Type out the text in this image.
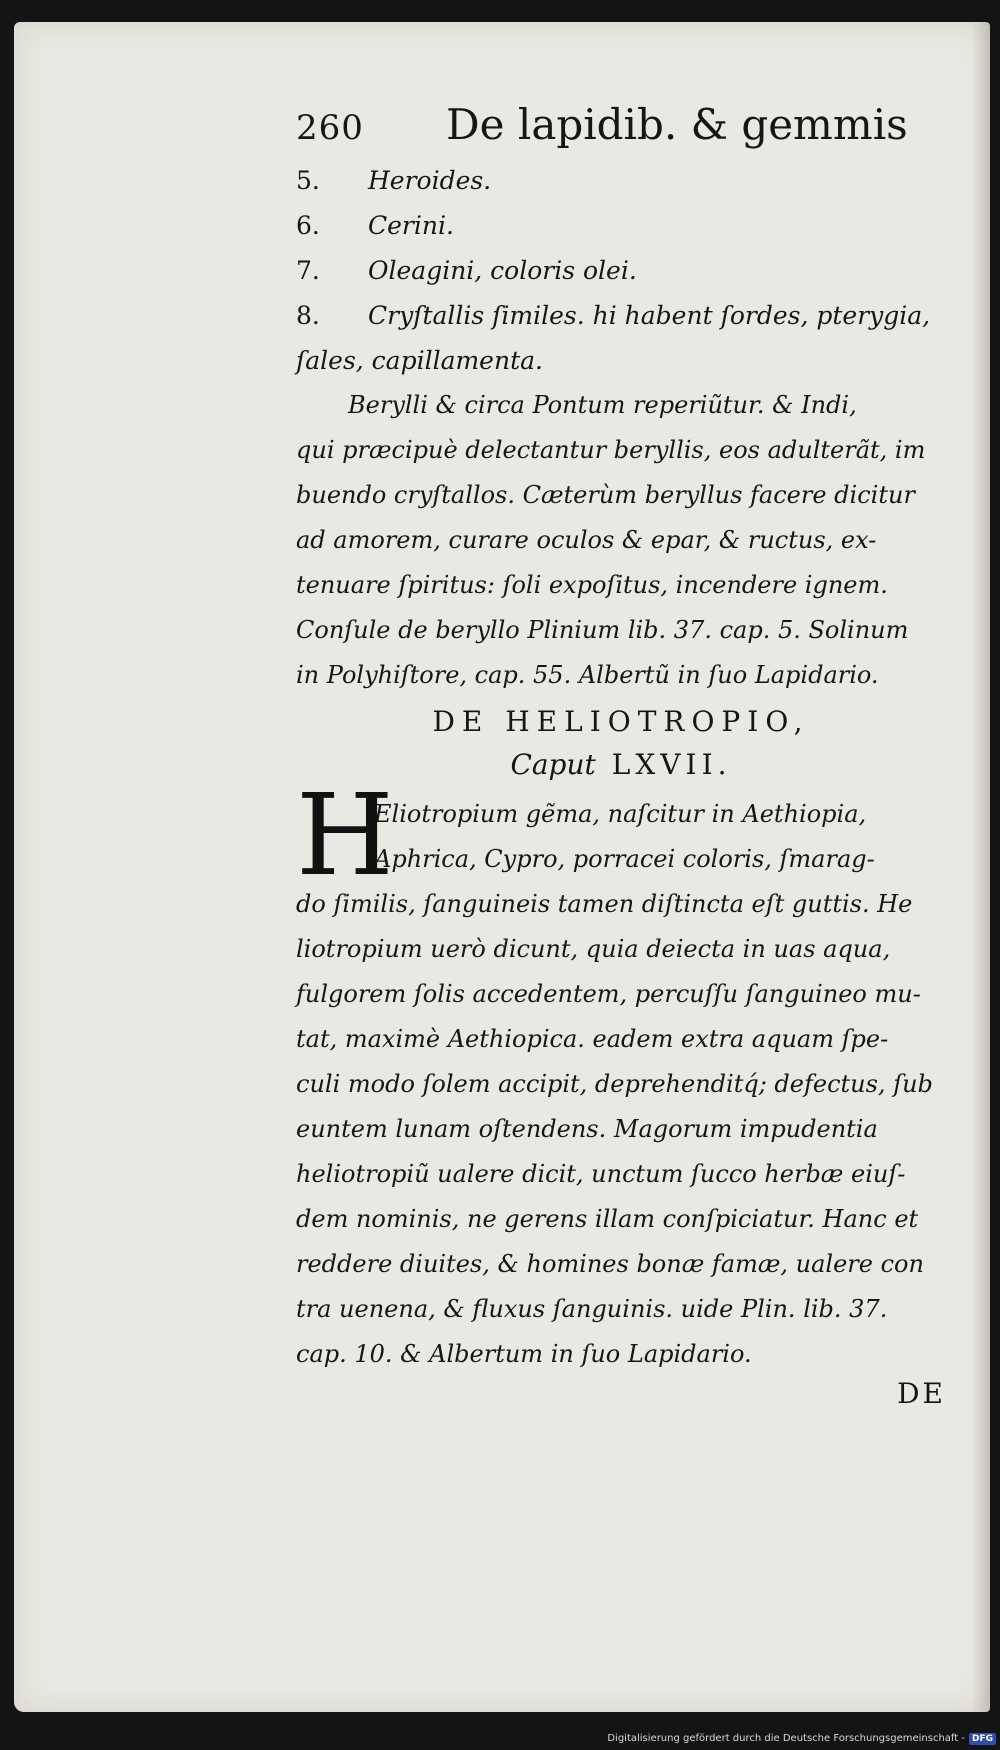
260 De lapidib. & gemmis
5.	Heroides.
6.	Cerini.
7.	Oleagini, coloris olei.
8.	Cryſtallis ſimiles. hi habent ſordes, pterygia,
ſales, capillamenta.
Berylli & circa Pontum reperiũtur. & Indi,
qui præcipuè delectantur beryllis, eos adulterãt, im
buendo cryſtallos. Cæterùm beryllus facere dicitur
ad amorem, curare oculos & epar, & ructus, ex-
tenuare ſpiritus: ſoli expoſitus, incendere ignem.
Conſule de beryllo Plinium lib. 37. cap. 5. Solinum
in Polyhiſtore, cap. 55. Albertũ in ſuo Lapidario.
DE HELIOTROPIO,
Caput LXVII.
H
Eliotropium gẽma, naſcitur in Aethiopia,
Aphrica, Cypro, porracei coloris, ſmarag-
do ſimilis, ſanguineis tamen diſtincta eſt guttis. He
liotropium uerò dicunt, quia deiecta in uas aqua,
fulgorem ſolis accedentem, percuſſu ſanguineo mu-
tat, maximè Aethiopica. eadem extra aquam ſpe-
culi modo ſolem accipit, deprehenditq́; defectus, ſub
euntem lunam oſtendens. Magorum impudentia
heliotropiũ ualere dicit, unctum ſucco herbæ eiuſ-
dem nominis, ne gerens illam conſpiciatur. Hanc et
reddere diuites, & homines bonæ famæ, ualere con
tra uenena, & fluxus ſanguinis. uide Plin. lib. 37.
cap. 10. & Albertum in ſuo Lapidario.
DE
Digitalisierung gefördert durch die Deutsche Forschungsgemeinschaft - DFG
